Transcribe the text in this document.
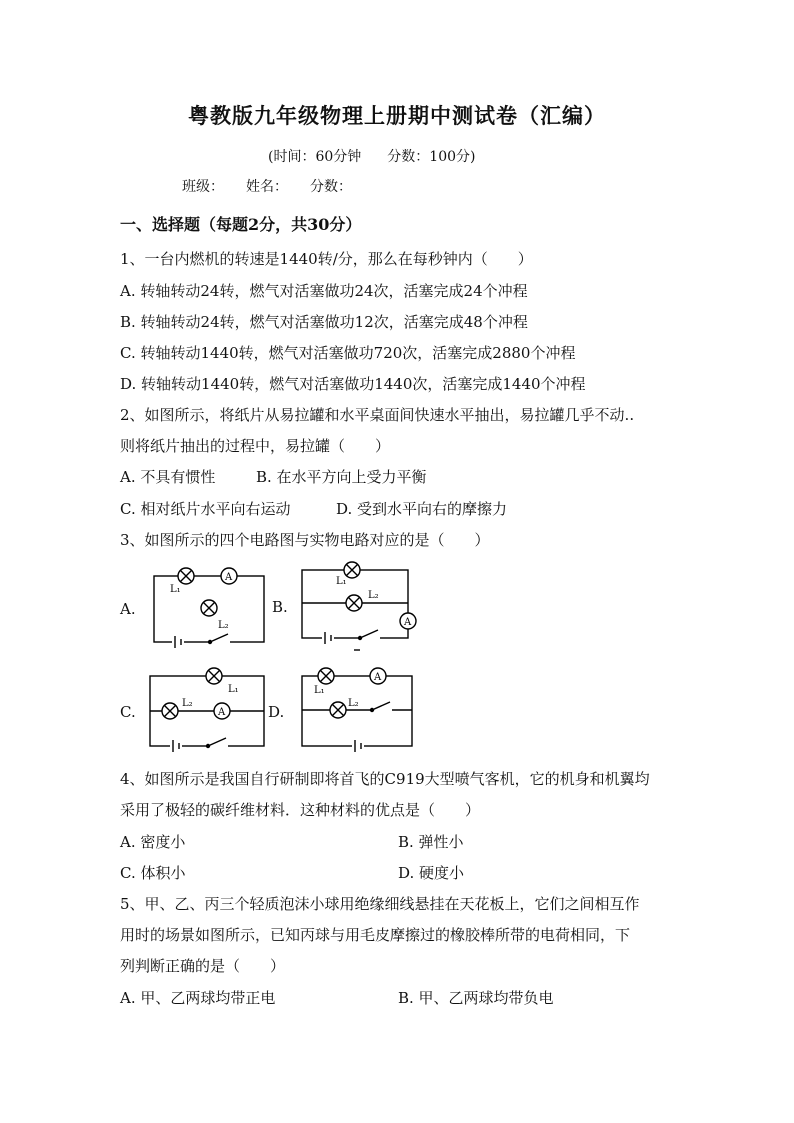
粤教版九年级物理上册期中测试卷（汇编）
(时间：60分钟 分数：100分)
班级： 姓名： 分数：
一、选择题（每题2分，共30分）
1、一台内燃机的转速是1440转/分，那么在每秒钟内（　　）
A. 转轴转动24转，燃气对活塞做功24次，活塞完成24个冲程
B. 转轴转动24转，燃气对活塞做功12次，活塞完成48个冲程
C. 转轴转动1440转，燃气对活塞做功720次，活塞完成2880个冲程
D. 转轴转动1440转，燃气对活塞做功1440次，活塞完成1440个冲程
2、如图所示，将纸片从易拉罐和水平桌面间快速水平抽出，易拉罐几乎不动..
则将纸片抽出的过程中，易拉罐（　　）
A. 不具有惯性	B. 在水平方向上受力平衡
C. 相对纸片水平向右运动	D. 受到水平向右的摩擦力
3、如图所示的四个电路图与实物电路对应的是（　　）
A.	B.
C.	D.
A
L₁
L₂	A
L₁
L₂
A
L₁
L₂
A
L₁
L₂
4、如图所示是我国自行研制即将首飞的C919大型喷气客机，它的机身和机翼均
采用了极轻的碳纤维材料．这种材料的优点是（　　）
A. 密度小	B. 弹性小
C. 体积小	D. 硬度小
5、甲、乙、丙三个轻质泡沫小球用绝缘细线悬挂在天花板上，它们之间相互作
用时的场景如图所示，已知丙球与用毛皮摩擦过的橡胶棒所带的电荷相同，下
列判断正确的是（　　）
A. 甲、乙两球均带正电	B. 甲、乙两球均带负电
